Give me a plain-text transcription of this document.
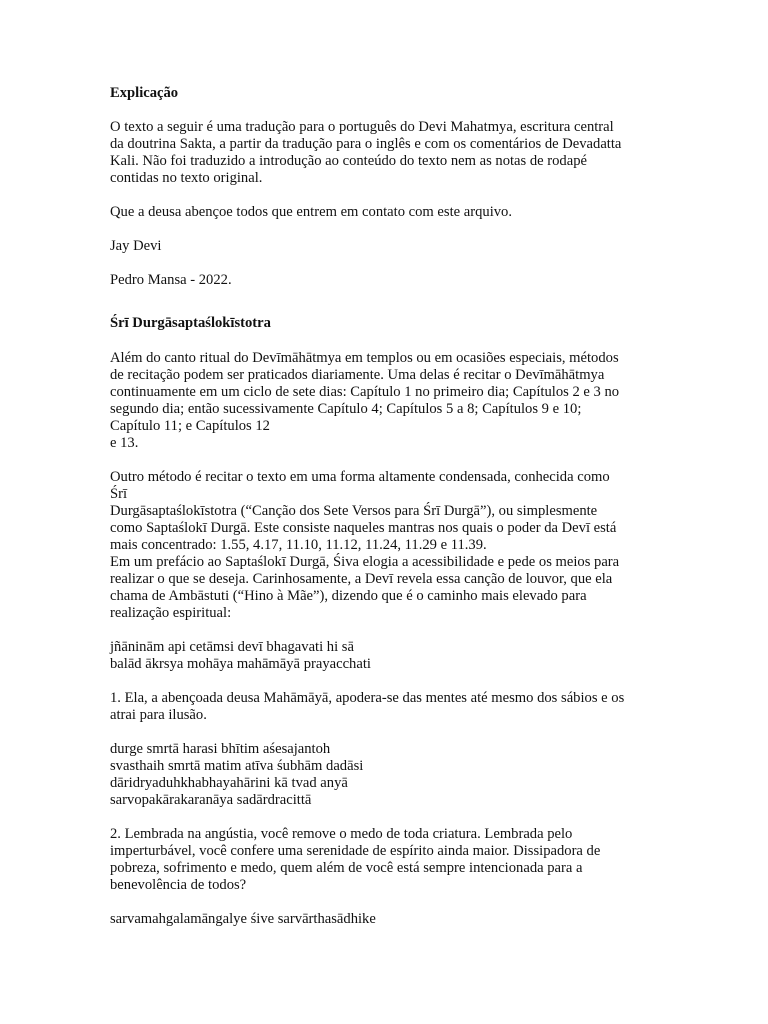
Explicação

O texto a seguir é uma tradução para o português do Devi Mahatmya, escritura central
da doutrina Sakta, a partir da tradução para o inglês e com os comentários de Devadatta
Kali. Não foi traduzido a introdução ao conteúdo do texto nem as notas de rodapé
contidas no texto original.

Que a deusa abençoe todos que entrem em contato com este arquivo.

Jay Devi

Pedro Mansa - 2022.

Śrī Durgāsaptaślokīstotra

Além do canto ritual do Devīmāhātmya em templos ou em ocasiões especiais, métodos
de recitação podem ser praticados diariamente. Uma delas é recitar o Devīmāhātmya
continuamente em um ciclo de sete dias: Capítulo 1 no primeiro dia; Capítulos 2 e 3 no
segundo dia; então sucessivamente Capítulo 4; Capítulos 5 a 8; Capítulos 9 e 10;
Capítulo 11; e Capítulos 12
e 13.

Outro método é recitar o texto em uma forma altamente condensada, conhecida como
Śrī
Durgāsaptaślokīstotra (“Canção dos Sete Versos para Śrī Durgā”), ou simplesmente
como Saptaślokī Durgā. Este consiste naqueles mantras nos quais o poder da Devī está
mais concentrado: 1.55, 4.17, 11.10, 11.12, 11.24, 11.29 e 11.39.
Em um prefácio ao Saptaślokī Durgā, Śiva elogia a acessibilidade e pede os meios para
realizar o que se deseja. Carinhosamente, a Devī revela essa canção de louvor, que ela
chama de Ambāstuti (“Hino à Mãe”), dizendo que é o caminho mais elevado para
realização espiritual:

jñāninām api cetāmsi devī bhagavati hi sā
balād ākrsya mohāya mahāmāyā prayacchati

1. Ela, a abençoada deusa Mahāmāyā, apodera-se das mentes até mesmo dos sábios e os
atrai para ilusão.

durge smrtā harasi bhītim aśesajantoh
svasthaih smrtā matim atīva śubhām dadāsi
dāridryaduhkhabhayahārini kā tvad anyā
sarvopakārakaranāya sadārdracittā

2. Lembrada na angústia, você remove o medo de toda criatura. Lembrada pelo
imperturbável, você confere uma serenidade de espírito ainda maior. Dissipadora de
pobreza, sofrimento e medo, quem além de você está sempre intencionada para a
benevolência de todos?

sarvamahgalamāngalye śive sarvārthasādhike
